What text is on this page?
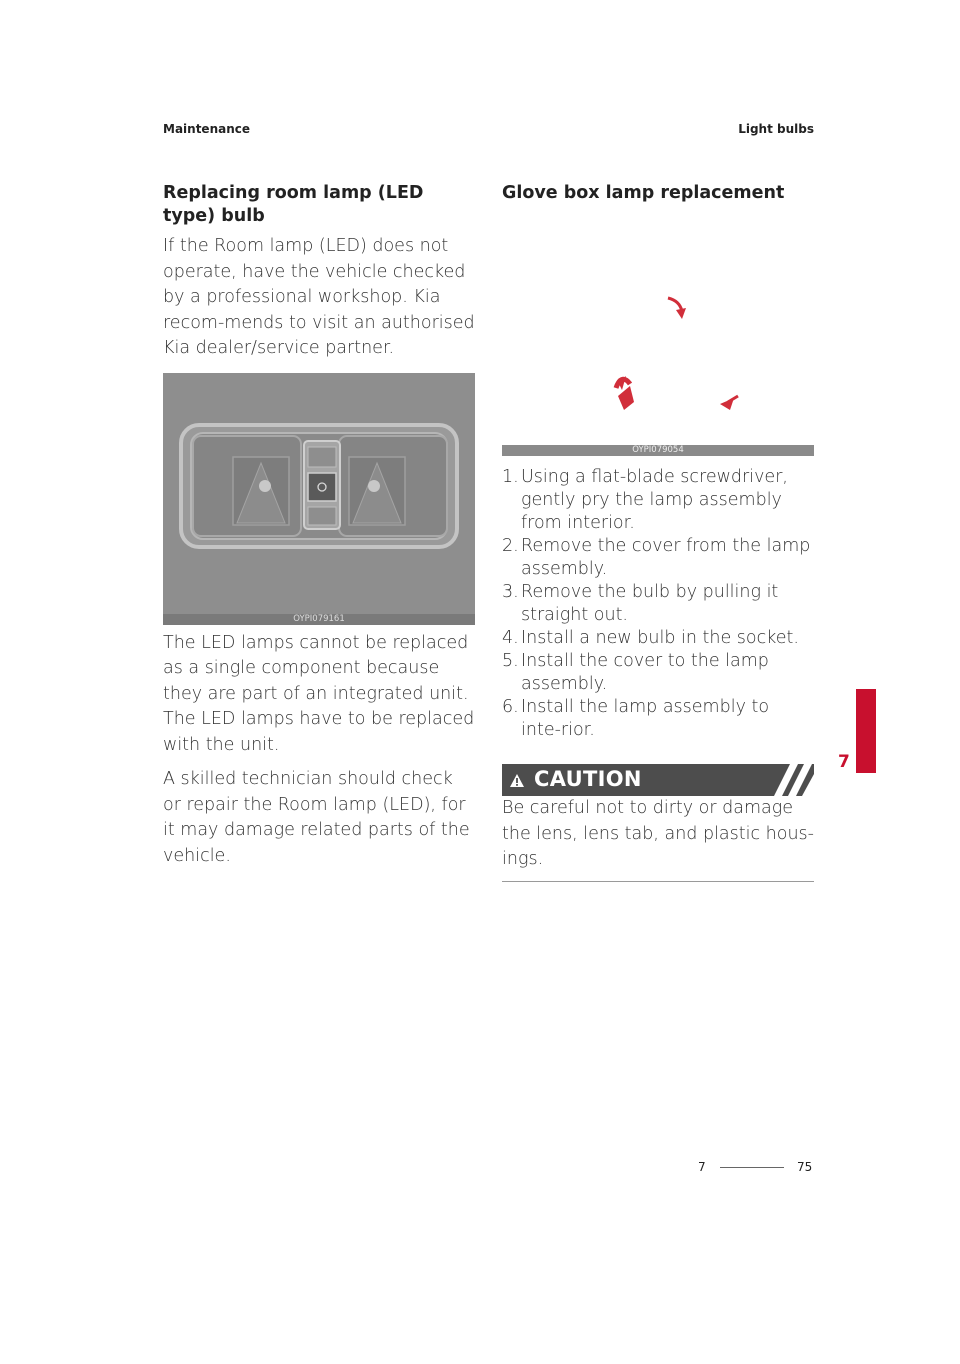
Maintenance	Light bulbs
Replacing room lamp (LED type) bulb

If the Room lamp (LED) does not operate, have the vehicle checked by a professional workshop. Kia recom-mends to visit an authorised Kia dealer/service partner.

OYPI079161

The LED lamps cannot be replaced as a single component because they are part of an integrated unit. The LED lamps have to be replaced with the unit.

A skilled technician should check or repair the Room lamp (LED), for it may damage related parts of the vehicle.

Glove box lamp replacement
OYPI079054
1. Using a flat-blade screwdriver, gently pry the lamp assembly from interior.
2. Remove the cover from the lamp assembly.
3. Remove the bulb by pulling it straight out.
4. Install a new bulb in the socket.
5. Install the cover to the lamp assembly.
6. Install the lamp assembly to inte-rior.
CAUTION

Be careful not to dirty or damage the lens, lens tab, and plastic hous-ings.

7
7	75
